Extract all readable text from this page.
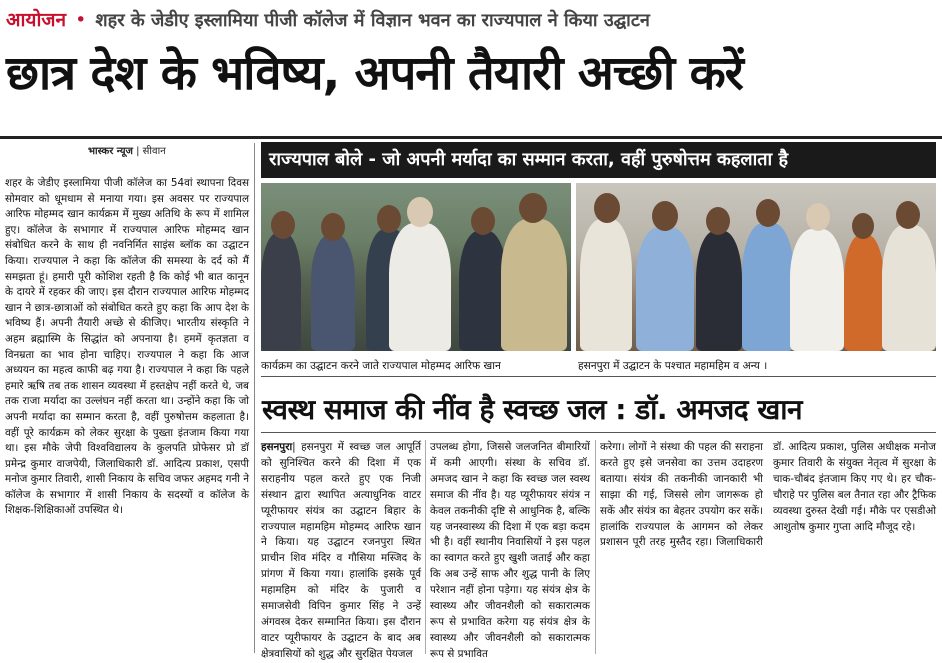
आयोजन • शहर के जेडीए इस्लामिया पीजी कॉलेज में विज्ञान भवन का राज्यपाल ने किया उद्घाटन
छात्र देश के भविष्य, अपनी तैयारी अच्छी करें
भास्कर न्यूज | सीवान
शहर के जेडीए इस्लामिया पीजी कॉलेज का 54वां स्थापना दिवस सोमवार को धूमधाम से मनाया गया। इस अवसर पर राज्यपाल आरिफ मोहम्मद खान कार्यक्रम में मुख्य अतिथि के रूप में शामिल हुए। कॉलेज के सभागार में राज्यपाल आरिफ मोहम्मद खान संबोधित करने के साथ ही नवनिर्मित साइंस ब्लॉक का उद्घाटन किया। राज्यपाल ने कहा कि कॉलेज की समस्या के दर्द को मैं समझता हूं। हमारी पूरी कोशिश रहती है कि कोई भी बात कानून के दायरे में रहकर की जाए। इस दौरान राज्यपाल आरिफ मोहम्मद खान ने छात्र-छात्राओं को संबोधित करते हुए कहा कि आप देश के भविष्य हैं। अपनी तैयारी अच्छे से कीजिए। भारतीय संस्कृति ने अहम ब्रह्मास्मि के सिद्धांत को अपनाया है। हममें कृतज्ञता व विनम्रता का भाव होना चाहिए। राज्यपाल ने कहा कि आज अध्ययन का महत्व काफी बढ़ गया है। राज्यपाल ने कहा कि पहले हमारे ऋषि तब तक शासन व्यवस्था में हस्तक्षेप नहीं करते थे, जब तक राजा मर्यादा का उल्लंघन नहीं करता था। उन्होंने कहा कि जो अपनी मर्यादा का सम्मान करता है, वहीं पुरुषोत्तम कहलाता है। वहीं पूरे कार्यक्रम को लेकर सुरक्षा के पुख्ता इंतजाम किया गया था। इस मौके जेपी विश्वविद्यालय के कुलपति प्रोफेसर प्रो डॉ प्रमेन्द्र कुमार वाजपेयी, जिलाधिकारी डॉ. आदित्य प्रकाश, एसपी मनोज कुमार तिवारी, शासी निकाय के सचिव जफर अहमद गनी ने कॉलेज के सभागार में शासी निकाय के सदस्यों व कॉलेज के शिक्षक-शिक्षिकाओं उपस्थित थे।
राज्यपाल बोले - जो अपनी मर्यादा का सम्मान करता, वहीं पुरुषोत्तम कहलाता है
कार्यक्रम का उद्घाटन करने जाते राज्यपाल मोहम्मद आरिफ खान	हसनपुरा में उद्घाटन के पश्चात महामहिम व अन्य ।
स्वस्थ समाज की नींव है स्वच्छ जल : डॉ. अमजद खान
हसनपुरा| हसनपुरा में स्वच्छ जल आपूर्ति को सुनिश्चित करने की दिशा में एक सराहनीय पहल करते हुए एक निजी संस्थान द्वारा स्थापित अत्याधुनिक वाटर प्यूरीफायर संयंत्र का उद्घाटन बिहार के राज्यपाल महामहिम मोहम्मद आरिफ खान ने किया। यह उद्घाटन रजनपुरा स्थित प्राचीन शिव मंदिर व गौसिया मस्जिद के प्रांगण में किया गया। हालांकि इसके पूर्व महामहिम को मंदिर के पुजारी व समाजसेवी विपिन कुमार सिंह ने उन्हें अंगवस्त्र देकर सम्मानित किया। इस दौरान वाटर प्यूरीफायर के उद्घाटन के बाद अब क्षेत्रवासियों को शुद्ध और सुरक्षित पेयजल
उपलब्ध होगा, जिससे जलजनित बीमारियों में कमी आएगी। संस्था के सचिव डॉ. अमजद खान ने कहा कि स्वच्छ जल स्वस्थ समाज की नींव है। यह प्यूरीफायर संयंत्र न केवल तकनीकी दृष्टि से आधुनिक है, बल्कि यह जनस्वास्थ्य की दिशा में एक बड़ा कदम भी है। वहीं स्थानीय निवासियों ने इस पहल का स्वागत करते हुए खुशी जताई और कहा कि अब उन्हें साफ और शुद्ध पानी के लिए परेशान नहीं होना पड़ेगा। यह संयंत्र क्षेत्र के स्वास्थ्य और जीवनशैली को सकारात्मक रूप से प्रभावित करेगा यह संयंत्र क्षेत्र के स्वास्थ्य और जीवनशैली को सकारात्मक रूप से प्रभावित
करेगा। लोगों ने संस्था की पहल की सराहना करते हुए इसे जनसेवा का उत्तम उदाहरण बताया। संयंत्र की तकनीकी जानकारी भी साझा की गई, जिससे लोग जागरूक हो सकें और संयंत्र का बेहतर उपयोग कर सकें। हालांकि राज्यपाल के आगमन को लेकर प्रशासन पूरी तरह मुस्तैद रहा। जिलाधिकारी डॉ. आदित्य प्रकाश, पुलिस अधीक्षक मनोज कुमार तिवारी के संयुक्त नेतृत्व में सुरक्षा के चाक-चौबंद इंतजाम किए गए थे। हर चौक-चौराहे पर पुलिस बल तैनात रहा और ट्रैफिक व्यवस्था दुरुस्त देखी गई। मौके पर एसडीओ आशुतोष कुमार गुप्ता आदि मौजूद रहे।
